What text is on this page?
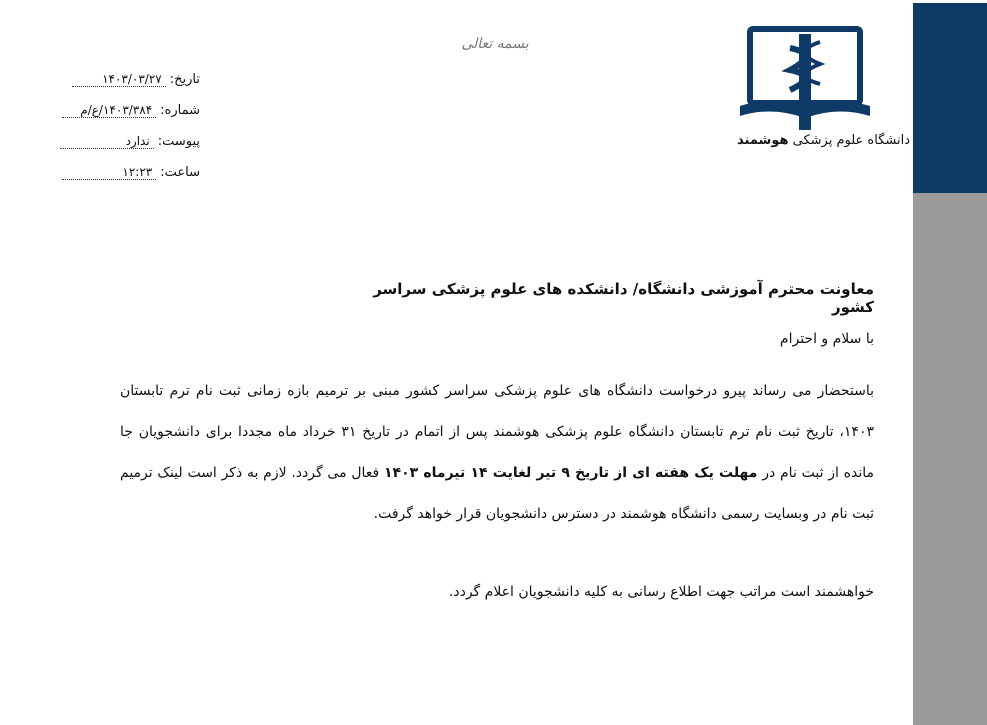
بسمه تعالی
تاریخ:
۱۴۰۳/۰۳/۲۷
شماره:
۱۴۰۳/۳۸۴/ع/م
پیوست:
ندارد
ساعت:
۱۲:۲۳
دانشگاه علوم پزشکی هوشمند
معاونت محترم آموزشی دانشگاه/ دانشکده های علوم پزشکی سراسر کشور
با سلام و احترام
باستحضار می رساند پیرو درخواست دانشگاه های علوم پزشکی سراسر کشور مبنی بر ترمیم بازه زمانی ثبت نام ترم تابستان ۱۴۰۳، تاریخ ثبت نام ترم تابستان دانشگاه علوم پزشکی هوشمند پس از اتمام در تاریخ ۳۱ خرداد ماه مجددا برای دانشجویان جا مانده از ثبت نام در مهلت یک هفته ای از تاریخ ۹ تیر لغایت ۱۴ تیرماه ۱۴۰۳ فعال می گردد. لازم به ذکر است لینک ترمیم ثبت نام در وبسایت رسمی دانشگاه هوشمند در دسترس دانشجویان قرار خواهد گرفت.
خواهشمند است مراتب جهت اطلاع رسانی به کلیه دانشجویان اعلام گردد.
